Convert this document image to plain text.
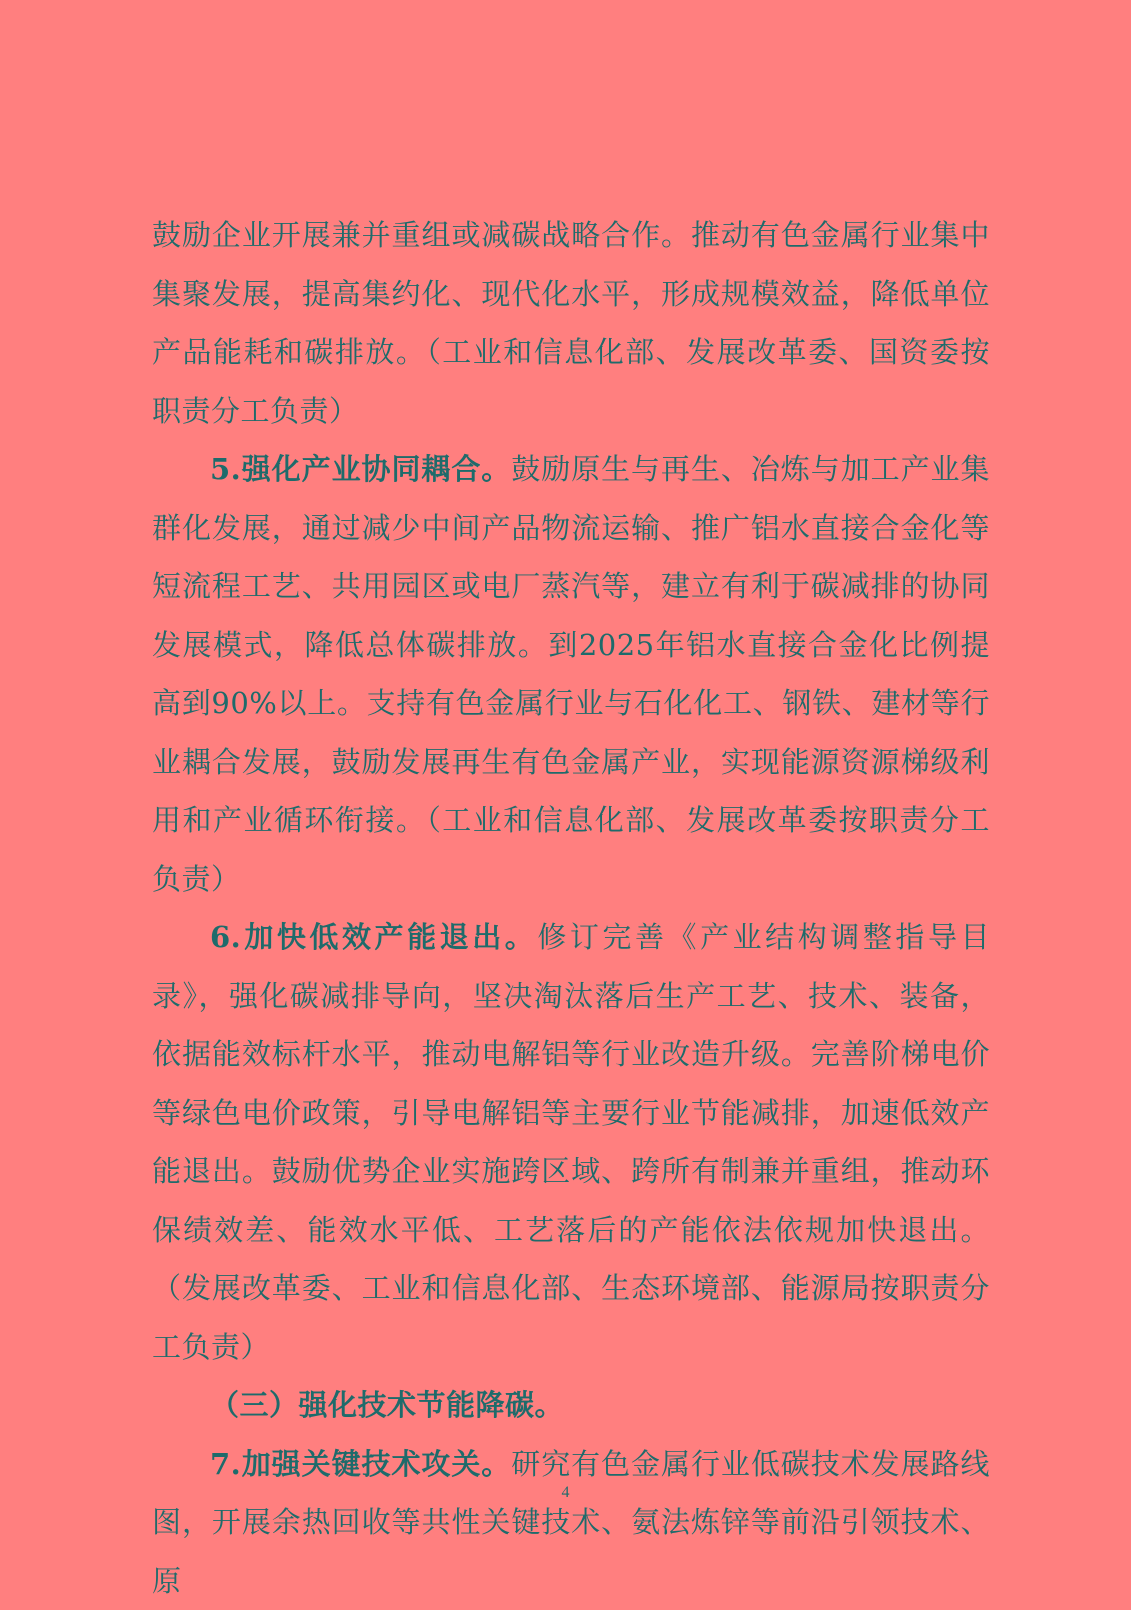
鼓励企业开展兼并重组或减碳战略合作。推动有色金属行业集中集聚发展，提高集约化、现代化水平，形成规模效益，降低单位产品能耗和碳排放。（工业和信息化部、发展改革委、国资委按职责分工负责）

5.强化产业协同耦合。鼓励原生与再生、冶炼与加工产业集群化发展，通过减少中间产品物流运输、推广铝水直接合金化等短流程工艺、共用园区或电厂蒸汽等，建立有利于碳减排的协同发展模式，降低总体碳排放。到2025年铝水直接合金化比例提高到90%以上。支持有色金属行业与石化化工、钢铁、建材等行业耦合发展，鼓励发展再生有色金属产业，实现能源资源梯级利用和产业循环衔接。（工业和信息化部、发展改革委按职责分工负责）

6.加快低效产能退出。修订完善《产业结构调整指导目录》，强化碳减排导向，坚决淘汰落后生产工艺、技术、装备，依据能效标杆水平，推动电解铝等行业改造升级。完善阶梯电价等绿色电价政策，引导电解铝等主要行业节能减排，加速低效产能退出。鼓励优势企业实施跨区域、跨所有制兼并重组，推动环保绩效差、能效水平低、工艺落后的产能依法依规加快退出。（发展改革委、工业和信息化部、生态环境部、能源局按职责分工负责）

（三）强化技术节能降碳。

7.加强关键技术攻关。研究有色金属行业低碳技术发展路线图，开展余热回收等共性关键技术、氨法炼锌等前沿引领技术、原

4
